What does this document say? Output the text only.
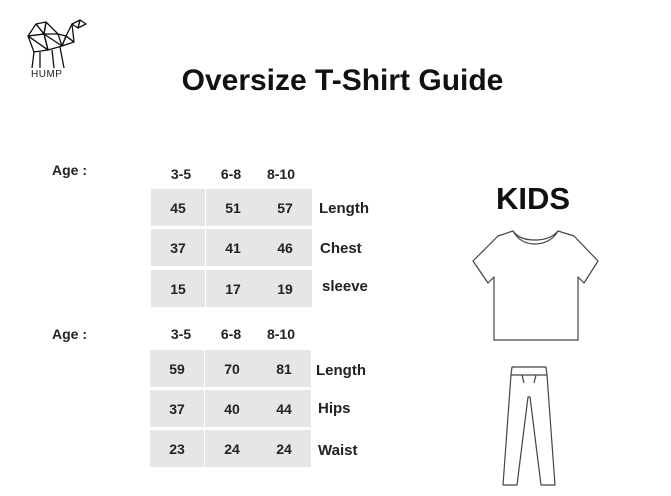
HUMP	Oversize T-Shirt Guide
Age :	3-5	6-8	8-10
45	51	57	Length
37	41	46	Chest
15	17	19	sleeve
Age :	3-5	6-8	8-10
59	70	81	Length
37	40	44	Hips
23	24	24	Waist
KIDS
